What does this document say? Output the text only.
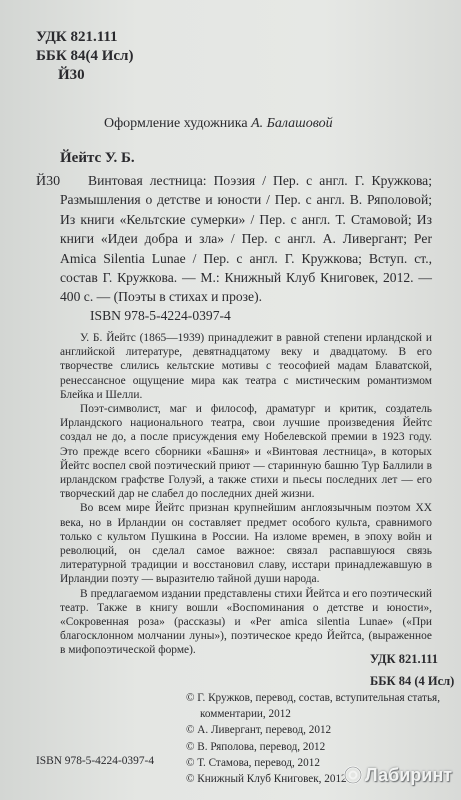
УДК 821.111
ББК 84(4 Исл)
Й30
Оформление художника А. Балашовой
Йейтс У. Б.
Й30	Винтовая лестница: Поэзия / Пер. с англ. Г. Кружкова; Размышления о детстве и юности / Пер. с англ. В. Ряполовой; Из книги «Кельтские сумерки» / Пер. с англ. Т. Стамовой; Из книги «Идеи добра и зла» / Пер. с англ. А. Ливергант; Per Amica Silentia Lunae / Пер. с англ. Г. Кружкова; Вступ. ст., состав Г. Кружкова. — М.: Книжный Клуб Книговек, 2012. — 400 с. — (Поэты в стихах и прозе).
ISBN 978-5-4224-0397-4

У. Б. Йейтс (1865—1939) принадлежит в равной степени ирландской и английской литературе, девятнадцатому веку и двадцатому. В его творчестве слились кельтские мотивы с теософией мадам Блаватской, ренессансное ощущение мира как театра с мистическим романтизмом Блейка и Шелли.

Поэт-символист, маг и философ, драматург и критик, создатель Ирландского национального театра, свои лучшие произведения Йейтс создал не до, а после присуждения ему Нобелевской премии в 1923 году. Это прежде всего сборники «Башня» и «Винтовая лестница», в которых Йейтс воспел свой поэтический приют — старинную башню Тур Баллили в ирландском графстве Голуэй, а также стихи и пьесы последних лет — его творческий дар не слабел до последних дней жизни.

Во всем мире Йейтс признан крупнейшим англоязычным поэтом XX века, но в Ирландии он составляет предмет особого культа, сравнимого только с культом Пушкина в России. На изломе времен, в эпоху войн и революций, он сделал самое важное: связал распавшуюся связь литературной традиции и восстановил славу, исстари принадлежавшую в Ирландии поэту — выразителю тайной души народа.

В предлагаемом издании представлены стихи Йейтса и его поэтический театр. Также в книгу вошли «Воспоминания о детстве и юности», «Сокровенная роза» (рассказы) и «Per amica silentia Lunae» («При благосклонном молчании луны»), поэтическое кредо Йейтса, (выраженное в мифопоэтической форме).

УДК 821.111
ББК 84 (4 Исл)
© Г. Кружков, перевод, состав, вступительная статья, комментарии, 2012
© А. Ливергант, перевод, 2012
© В. Ряполова, перевод, 2012
© Т. Стамова, перевод, 2012
© Книжный Клуб Книговек, 2012
ISBN 978-5-4224-0397-4
Лабиринт
